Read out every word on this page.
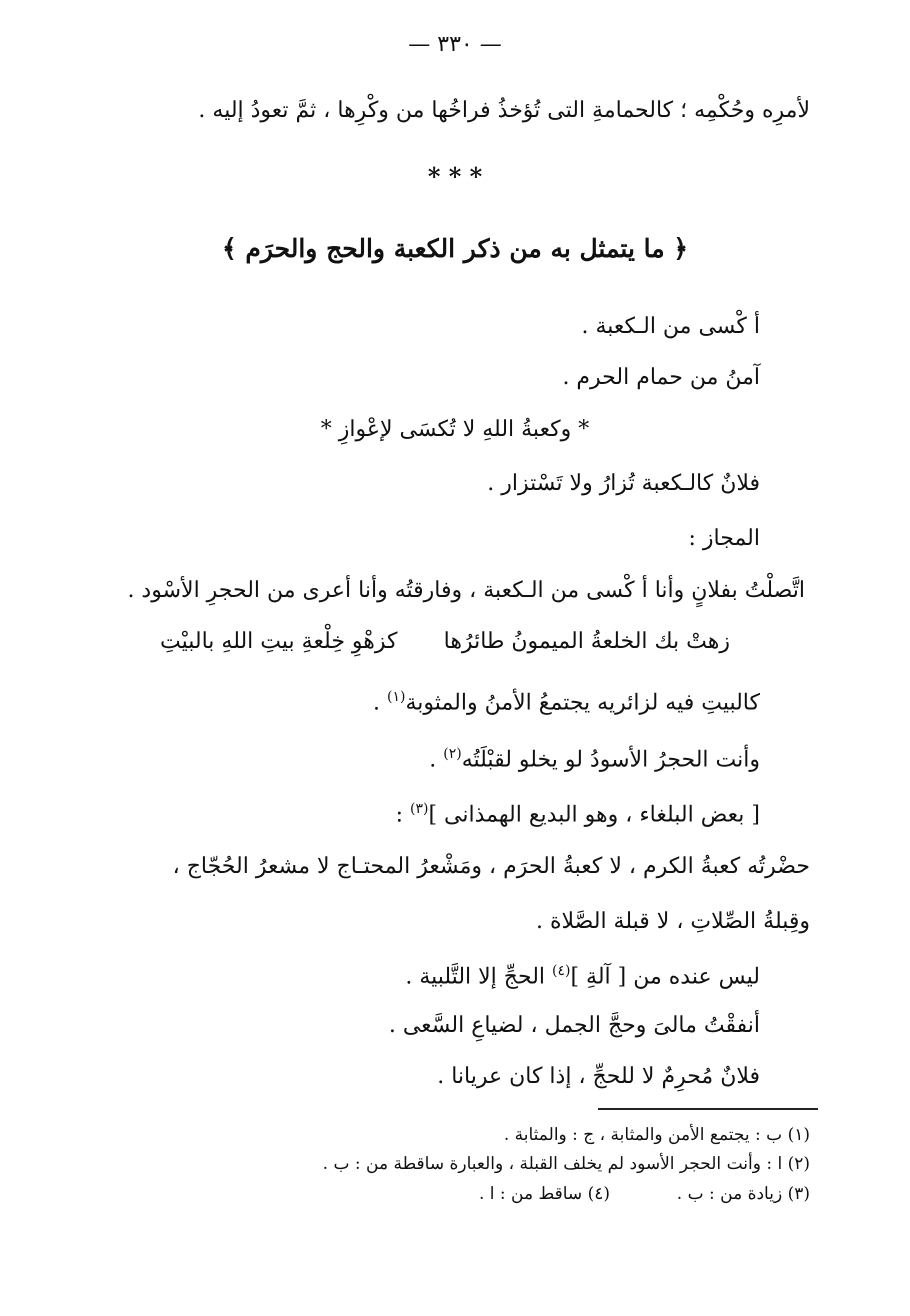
— ٣٣٠ —
لأمرِه وحُكْمِه ؛ كالحمامةِ التى تُؤخذُ فراخُها من وكْرِها ، ثمَّ تعودُ إليه .
* * *
﴿ ما يتمثل به من ذكر الكعبة والحج والحرَم ﴾
أ كْسى من الـكعبة .
آمنُ من حمام الحرم .
* وكعبةُ اللهِ لا تُكسَى لإعْوازِ *
فلانٌ كالـكعبة تُزارُ ولا تَسْتزار .
المجاز :
اتَّصلْتُ بفلانٍ وأنا أ كْسى من الـكعبة ، وفارقتُه وأنا أعرى من الحجرِ الأسْود .
كزهْوِ خِلْعةِ بيتِ اللهِ بالبيْتِ زهتْ بك الخلعةُ الميمونُ طائرُها
كالبيتِ فيه لزائريه يجتمعُ الأمنُ والمثوبة$^{(١)}$ .
وأنت الحجرُ الأسودُ لو يخلو لقبْلَتُه$^{(٢)}$ .
[ بعض البلغاء ، وهو البديع الهمذانى ]$^{(٣)}$ :
حضْرتُه كعبةُ الكرم ، لا كعبةُ الحرَم ، ومَشْعرُ المحتـاج لا مشعرُ الحُجّاج ،
وقِبلةُ الصِّلاتِ ، لا قبلة الصَّلاة .
ليس عنده من [ آلةِ ]$^{(٤)}$ الحجِّ إلا التَّلبية .
أنفقْتُ مالىَ وحجَّ الجمل ، لضياعِ السَّعى .
فلانٌ مُحرِمٌ لا للحجِّ ، إذا كان عريانا .
(١) ب : يجتمع الأمن والمثابة ، ج : والمثابة .
(٢) ا : وأنت الحجر الأسود لم يخلف القبلة ، والعبارة ساقطة من : ب .
(٣) زيادة من : ب .
(٤) ساقط من : ا .
